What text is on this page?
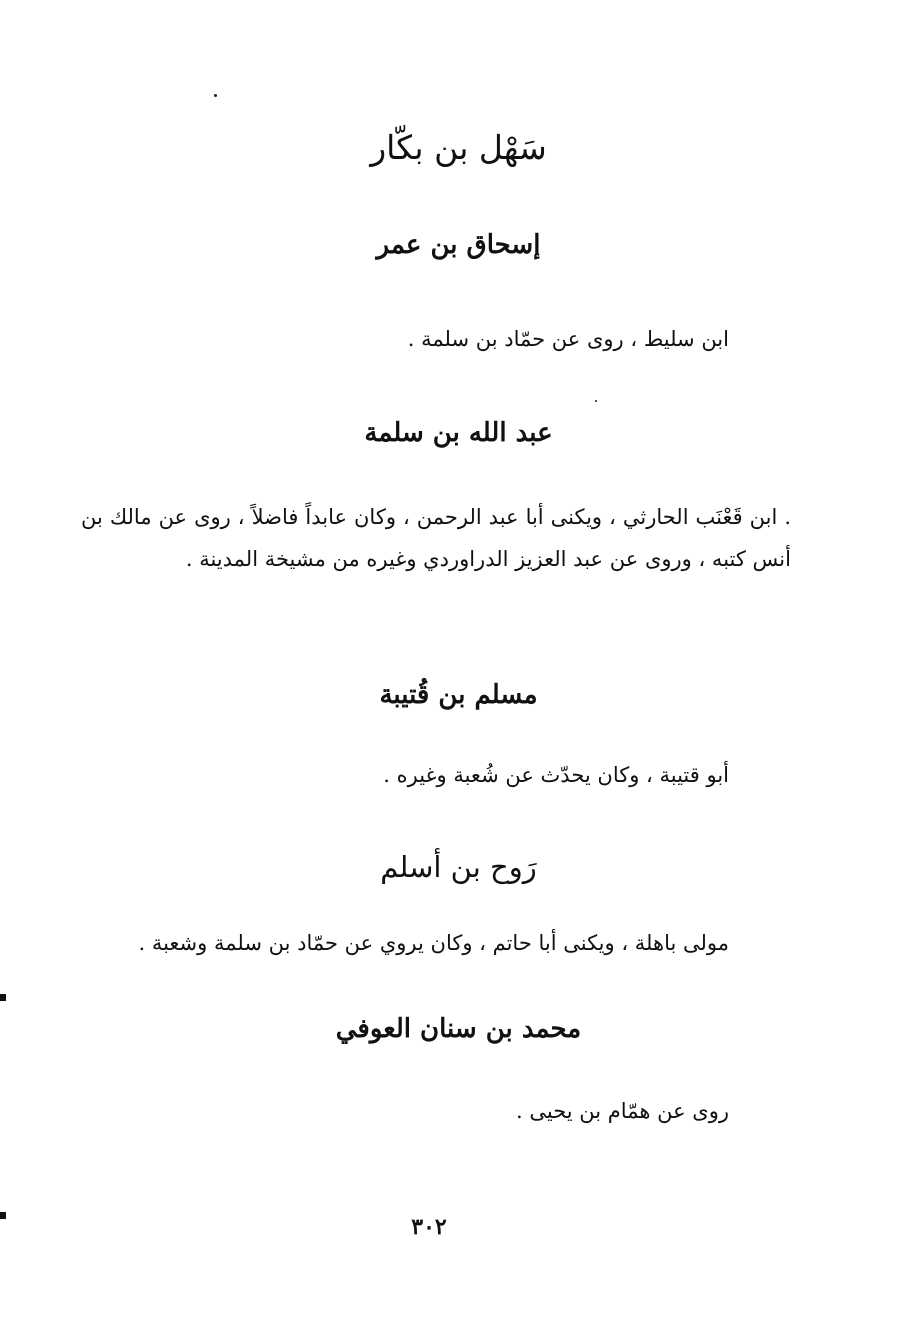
سَهْل بن بكّار
إسحاق بن عمر
ابن سليط ، روى عن حمّاد بن سلمة .
عبد الله بن سلمة
. ابن قَعْنَب الحارثي ، ويكنى أبا عبد الرحمن ، وكان عابداً فاضلاً ، روى عن مالك بن أنس كتبه ، وروى عن عبد العزيز الدراوردي وغيره من مشيخة المدينة .
مسلم بن قُتيبة
أبو قتيبة ، وكان يحدّث عن شُعبة وغيره .
رَوح بن أسلم
مولى باهلة ، ويكنى أبا حاتم ، وكان يروي عن حمّاد بن سلمة وشعبة .
محمد بن سنان العوفي
روى عن همّام بن يحيى .
٣٠٢
